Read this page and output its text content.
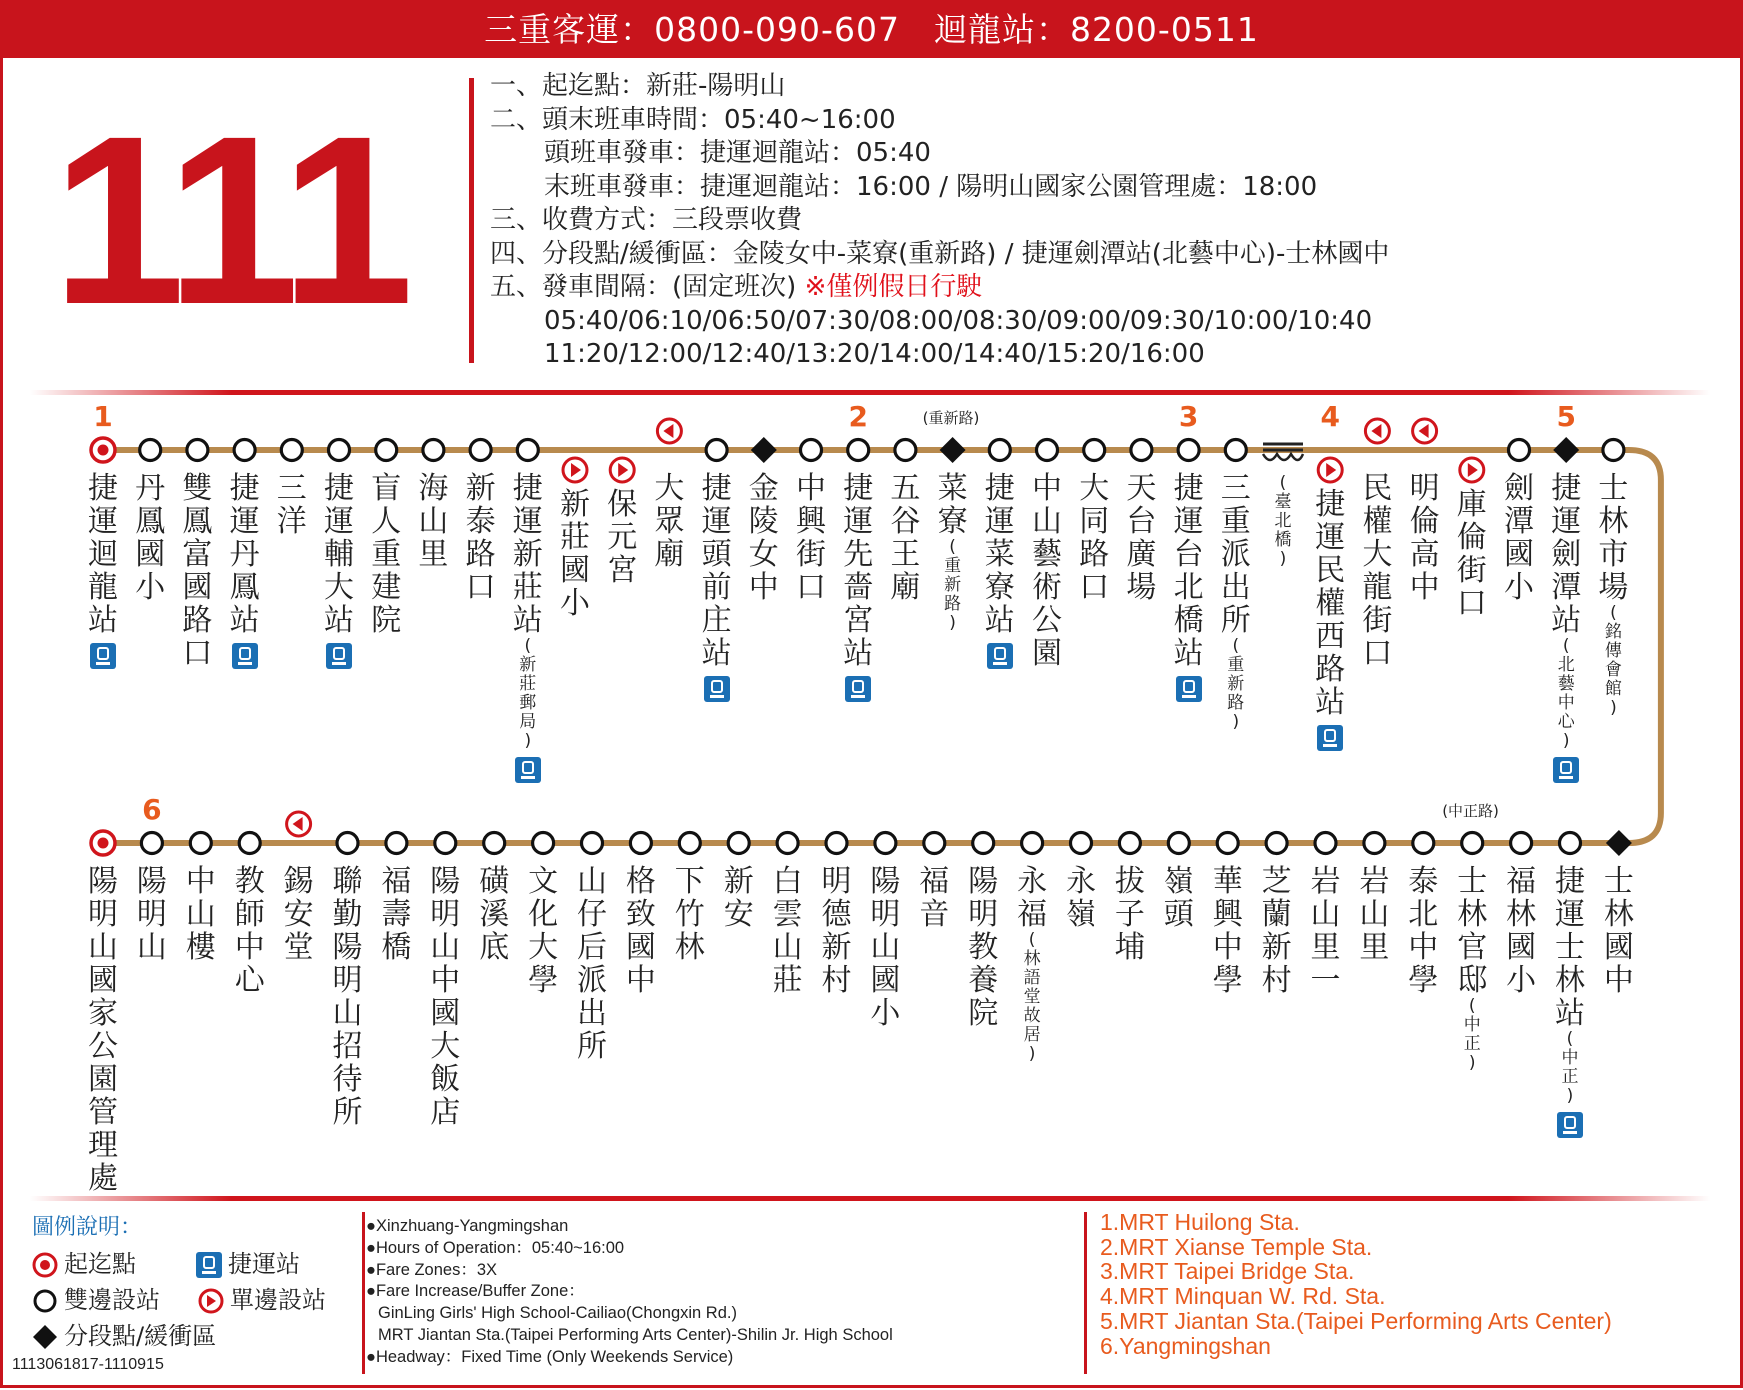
三重客運：0800-090-607　迴龍站：8200-0511
111	一、起迄點：新莊-陽明山
二、頭末班車時間：05:40~16:00
頭班車發車：捷運迴龍站：05:40
末班車發車：捷運迴龍站：16:00 / 陽明山國家公園管理處：18:00
三、收費方式：三段票收費
四、分段點/緩衝區：金陵女中-菜寮(重新路) / 捷運劍潭站(北藝中心)-士林國中
五、發車間隔：(固定班次) ※僅例假日行駛
05:40/06:10/06:50/07:30/08:00/08:30/09:00/09:30/10:00/10:40
11:20/12:00/12:40/13:20/14:00/14:40/15:20/16:00
1
捷
運
迴
龍
站
丹
鳳
國
小
雙
鳳
富
國
路
口
捷
運
丹
鳳
站
三
洋
捷
運
輔
大
站
盲
人
重
建
院
海
山
里
新
泰
路
口
捷
運
新
莊
站
(
新
莊
郵
局
)
新
莊
國
小
保
元
宮
大
眾
廟
捷
運
頭
前
庄
站
金
陵
女
中
中
興
街
口
2
捷
運
先
嗇
宮
站
五
谷
王
廟
(重新路)
菜
寮
(
重
新
路
)
捷
運
菜
寮
站
中
山
藝
術
公
園
大
同
路
口
天
台
廣
場
3
捷
運
台
北
橋
站
三
重
派
出
所
(
重
新
路
)
(
臺
北
橋
)
4
捷
運
民
權
西
路
站
民
權
大
龍
街
口
明
倫
高
中
庫
倫
街
口
劍
潭
國
小
5
捷
運
劍
潭
站
(
北
藝
中
心
)
士
林
市
場
(
銘
傳
會
館
)
陽
明
山
國
家
公
園
管
理
處
6
陽
明
山
中
山
樓
教
師
中
心
錫
安
堂
聯
勤
陽
明
山
招
待
所
福
壽
橋
陽
明
山
中
國
大
飯
店
磺
溪
底
文
化
大
學
山
仔
后
派
出
所
格
致
國
中
下
竹
林
新
安
白
雲
山
莊
明
德
新
村
陽
明
山
國
小
福
音
陽
明
教
養
院
永
福
(
林
語
堂
故
居
)
永
嶺
拔
子
埔
嶺
頭
華
興
中
學
芝
蘭
新
村
岩
山
里
一
岩
山
里
泰
北
中
學
(中正路)
士
林
官
邸
(
中
正
)
福
林
國
小
捷
運
士
林
站
(
中
正
)
士
林
國
中
圖例說明：
起迄點	捷運站
雙邊設站	單邊設站
分段點/緩衝區
1113061817-1110915
●Xinzhuang-Yangmingshan
●Hours of Operation：05:40~16:00
●Fare Zones：3X
●Fare Increase/Buffer Zone：
GinLing Girls' High School-Cailiao(Chongxin Rd.)
MRT Jiantan Sta.(Taipei Performing Arts Center)-Shilin Jr. High School
●Headway：Fixed Time (Only Weekends Service)
1.MRT Huilong Sta.
2.MRT Xianse Temple Sta.
3.MRT Taipei Bridge Sta.
4.MRT Minquan W. Rd. Sta.
5.MRT Jiantan Sta.(Taipei Performing Arts Center)
6.Yangmingshan
